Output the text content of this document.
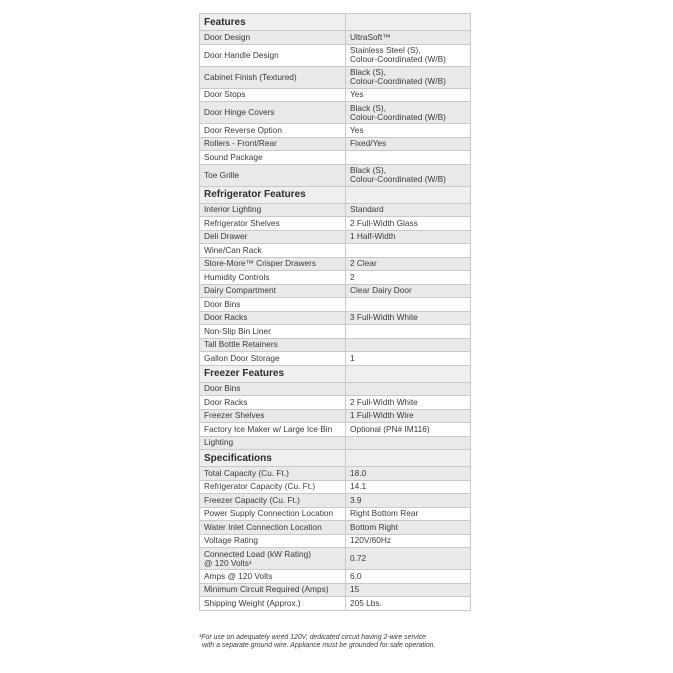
Features	

Door Design	UltraSoft™

Door Handle Design	Stainless Steel (S),
Colour-Coordinated (W/B)

Cabinet Finish (Textured)	Black (S),
Colour-Coordinated (W/B)

Door Stops	Yes

Door Hinge Covers	Black (S),
Colour-Coordinated (W/B)

Door Reverse Option	Yes

Rollers - Front/Rear	Fixed/Yes

Sound Package	

Toe Grille	Black (S),
Colour-Coordinated (W/B)

Refrigerator Features	

Interior Lighting	Standard

Refrigerator Shelves	2 Full-Width Glass

Deli Drawer	1 Half-Width

Wine/Can Rack	

Store-More™ Crisper Drawers	2 Clear

Humidity Controls	2

Dairy Compartment	Clear Dairy Door

Door Bins	

Door Racks	3 Full-Width White

Non-Slip Bin Liner	

Tall Bottle Retainers	

Gallon Door Storage	1

Freezer Features	

Door Bins	

Door Racks	2 Full-Width White

Freezer Shelves	1 Full-Width Wire

Factory Ice Maker w/ Large Ice Bin	Optional (PN# IM116)

Lighting	

Specifications	

Total Capacity (Cu. Ft.)	18.0

Refrigerator Capacity (Cu. Ft.)	14.1

Freezer Capacity (Cu. Ft.)	3.9

Power Supply Connection Location	Right Bottom Rear

Water Inlet Connection Location	Bottom Right

Voltage Rating	120V/60Hz

Connected Load (kW Rating)
@ 120 Volts¹	0.72

Amps @ 120 Volts	6.0

Minimum Circuit Required (Amps)	15

Shipping Weight (Approx.)	205 Lbs.
¹For use on adequately wired 120V, dedicated circuit having 2-wire service
with a separate ground wire. Appliance must be grounded for safe operation.
